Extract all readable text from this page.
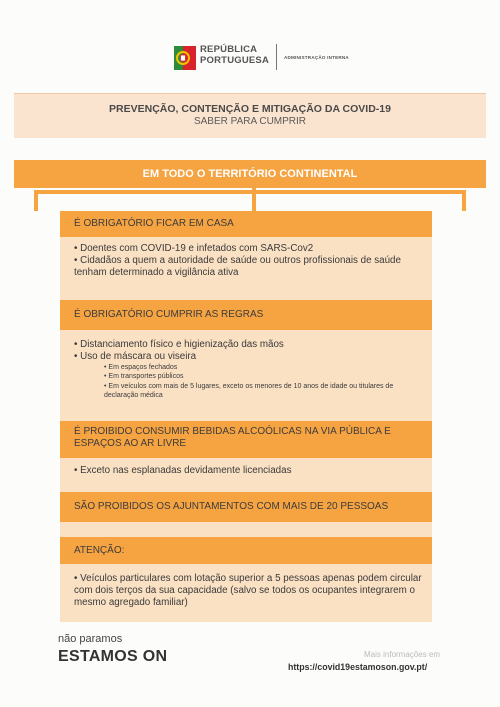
REPÚBLICA
PORTUGUESA	ADMINISTRAÇÃO INTERNA
PREVENÇÃO, CONTENÇÃO E MITIGAÇÃO DA COVID-19
SABER PARA CUMPRIR
EM TODO O TERRITÓRIO CONTINENTAL
É OBRIGATÓRIO FICAR EM CASA
• Doentes com COVID-19 e infetados com SARS-Cov2
• Cidadãos a quem a autoridade de saúde ou outros profissionais de saúde tenham determinado a vigilância ativa
É OBRIGATÓRIO CUMPRIR AS REGRAS
• Distanciamento físico e higienização das mãos
• Uso de máscara ou viseira
• Em espaços fechados
• Em transportes públicos
• Em veículos com mais de 5 lugares, exceto os menores de 10 anos de idade ou titulares de declaração médica
É PROIBIDO CONSUMIR BEBIDAS ALCOÓLICAS NA VIA PÚBLICA E ESPAÇOS AO AR LIVRE
• Exceto nas esplanadas devidamente licenciadas
SÃO PROIBIDOS OS AJUNTAMENTOS COM MAIS DE 20 PESSOAS
ATENÇÃO:
• Veículos particulares com lotação superior a 5 pessoas apenas podem circular com dois terços da sua capacidade (salvo se todos os ocupantes integrarem o mesmo agregado familiar)
não paramos
ESTAMOS ON	Mais informações em
https://covid19estamoson.gov.pt/
